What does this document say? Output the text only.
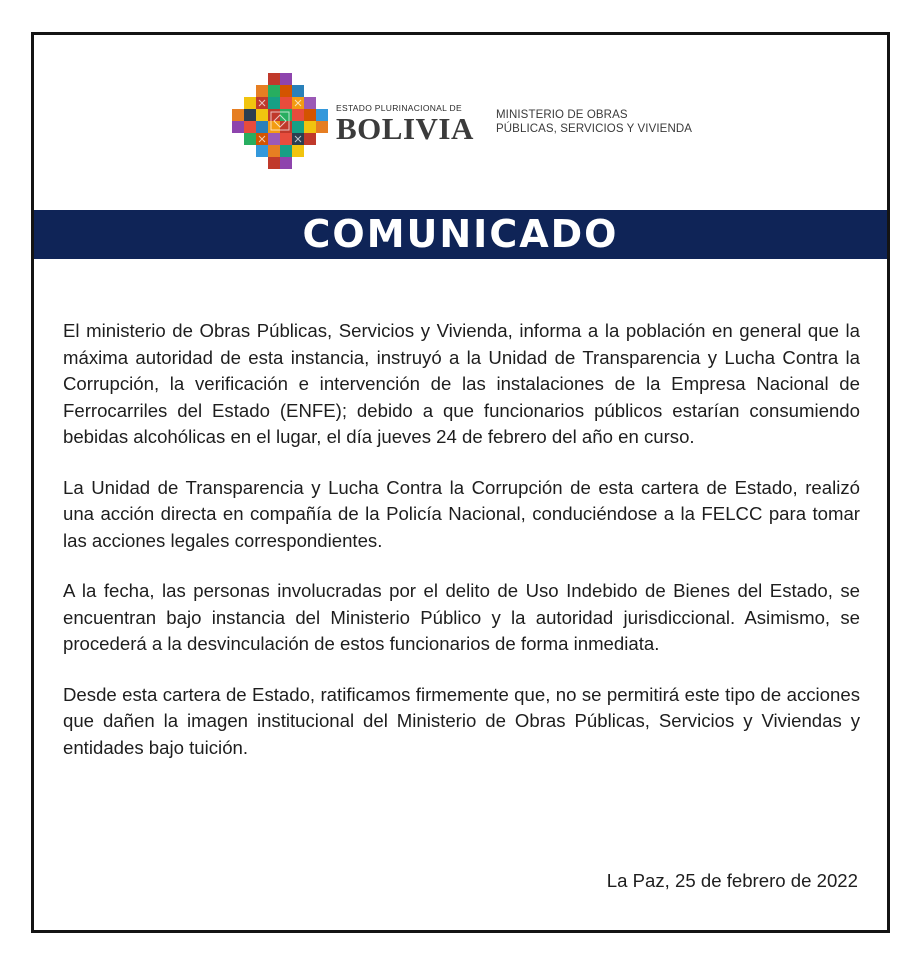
ESTADO PLURINACIONAL DE
BOLIVIA MINISTERIO DE OBRAS
PÚBLICAS, SERVICIOS Y VIVIENDA
COMUNICADO

El ministerio de Obras Públicas, Servicios y Vivienda, informa a la población en general que la máxima autoridad de esta instancia, instruyó a la Unidad de Transparencia y Lucha Contra la Corrupción, la verificación e intervención de las instalaciones de la Empresa Nacional de Ferrocarriles del Estado (ENFE); debido a que funcionarios públicos estarían consumiendo bebidas alcohólicas en el lugar, el día jueves 24 de febrero del año en curso.

La Unidad de Transparencia y Lucha Contra la Corrupción de esta cartera de Estado, realizó una acción directa en compañía de la Policía Nacional, conduciéndose a la FELCC para tomar las acciones legales correspondientes.

A la fecha, las personas involucradas por el delito de Uso Indebido de Bienes del Estado, se encuentran bajo instancia del Ministerio Público y la autoridad jurisdiccional. Asimismo, se procederá a la desvinculación de estos funcionarios de forma inmediata.

Desde esta cartera de Estado, ratificamos firmemente que, no se permitirá este tipo de acciones que dañen la imagen institucional del Ministerio de Obras Públicas, Servicios y Viviendas y entidades bajo tuición.

La Paz, 25 de febrero de 2022
